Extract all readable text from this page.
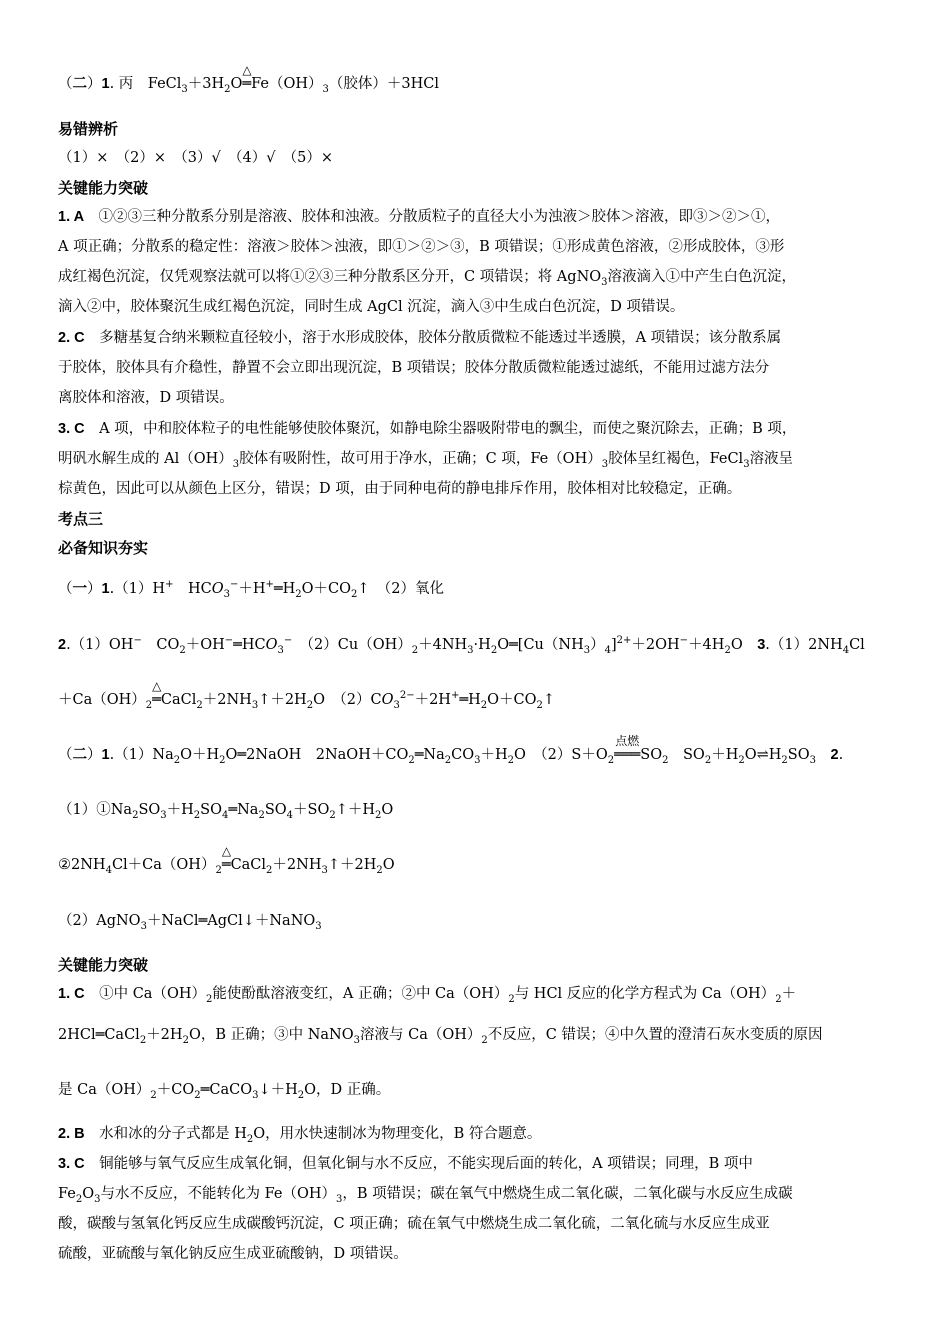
（二）1. 丙　$FeCl_3+3H_2O$
△
$═Fe(OH)_3$（胶体）＋3HCl
易错辨析
（1）×　（2）×　（3）√　（4）√　（5）×
关键能力突破
1. A　①②③三种分散系分别是溶液、胶体和浊液。分散质粒子的直径大小为浊液＞胶体＞溶液，即③＞②＞①，
A 项正确；分散系的稳定性：溶液＞胶体＞浊液，即①＞②＞③，B 项错误；①形成黄色溶液，②形成胶体，③形
成红褐色沉淀，仅凭观察法就可以将①②③三种分散系区分开，C 项错误；将 AgNO$_3$溶液滴入①中产生白色沉淀，
滴入②中，胶体聚沉生成红褐色沉淀，同时生成 AgCl 沉淀，滴入③中生成白色沉淀，D 项错误。
2. C　多糖基复合纳米颗粒直径较小，溶于水形成胶体，胶体分散质微粒不能透过半透膜，A 项错误；该分散系属
于胶体，胶体具有介稳性，静置不会立即出现沉淀，B 项错误；胶体分散质微粒能透过滤纸，不能用过滤方法分
离胶体和溶液，D 项错误。
3. C　A 项，中和胶体粒子的电性能够使胶体聚沉，如静电除尘器吸附带电的飘尘，而使之聚沉除去，正确；B 项，
明矾水解生成的 $Al(OH)_3$胶体有吸附性，故可用于净水，正确；C 项，$Fe(OH)_3$胶体呈红褐色，FeCl$_3$溶液呈
棕黄色，因此可以从颜色上区分，错误；D 项，由于同种电荷的静电排斥作用，胶体相对比较稳定，正确。
考点三
必备知识夯实
（一）1.（1）H+　$HCO_3^-+H^+═H_2O+CO_2↑$　（2）氧化
2.（1）OH−　$CO_2+OH^-═HCO_3^-$　$(2)Cu(OH)_2+4NH_3\cdot H_2O═[Cu(NH_3)_4]^{2+}+2OH^-+4H_2O$　$3.(1)2NH_4Cl$
$+Ca(OH)_2$
△
$═CaCl_2+2NH_3↑+2H_2O$　$(2)CO_3^{2-}+2H^+═H_2O+CO_2↑$
（二）$1.(1)Na_2O+H_2O═2NaOH$　$2NaOH+CO_2═Na_2CO_3+H_2O$　$(2)S+O_2$
点燃
$═══SO_2$　$SO_2+H_2O\rightleftharpoons H_2SO_3$　 2.
$(1)①Na_2SO_3+H_2SO_4═Na_2SO_4+SO_2↑+H_2O$
$②2NH_4Cl+Ca(OH)_2$
△
$═CaCl_2+2NH_3↑+2H_2O$
（2）AgNO$_3$＋NaCl═AgCl↓＋NaNO$_3$
关键能力突破
1. C　①中 $Ca(OH)_2$能使酚酞溶液变红，A 正确；②中 $Ca(OH)_2$与 HCl 反应的化学方程式为 $Ca(OH)_2+$
$2HCl═CaCl_2+2H_2O$，B 正确；③中 NaNO$_3$溶液与 $Ca(OH)_2$不反应，C 错误；④中久置的澄清石灰水变质的原因
是 $Ca(OH)_2+CO_2═CaCO_3↓+H_2O$，D 正确。
2. B　水和冰的分子式都是 $H_2O$，用水快速制冰为物理变化，B 符合题意。
3. C　铜能够与氧气反应生成氧化铜，但氧化铜与水不反应，不能实现后面的转化，A 项错误；同理，B 项中
$Fe_2O_3$与水不反应，不能转化为 $Fe(OH)_3$，B 项错误；碳在氧气中燃烧生成二氧化碳，二氧化碳与水反应生成碳
酸，碳酸与氢氧化钙反应生成碳酸钙沉淀，C 项正确；硫在氧气中燃烧生成二氧化硫，二氧化硫与水反应生成亚
硫酸，亚硫酸与氧化钠反应生成亚硫酸钠，D 项错误。
